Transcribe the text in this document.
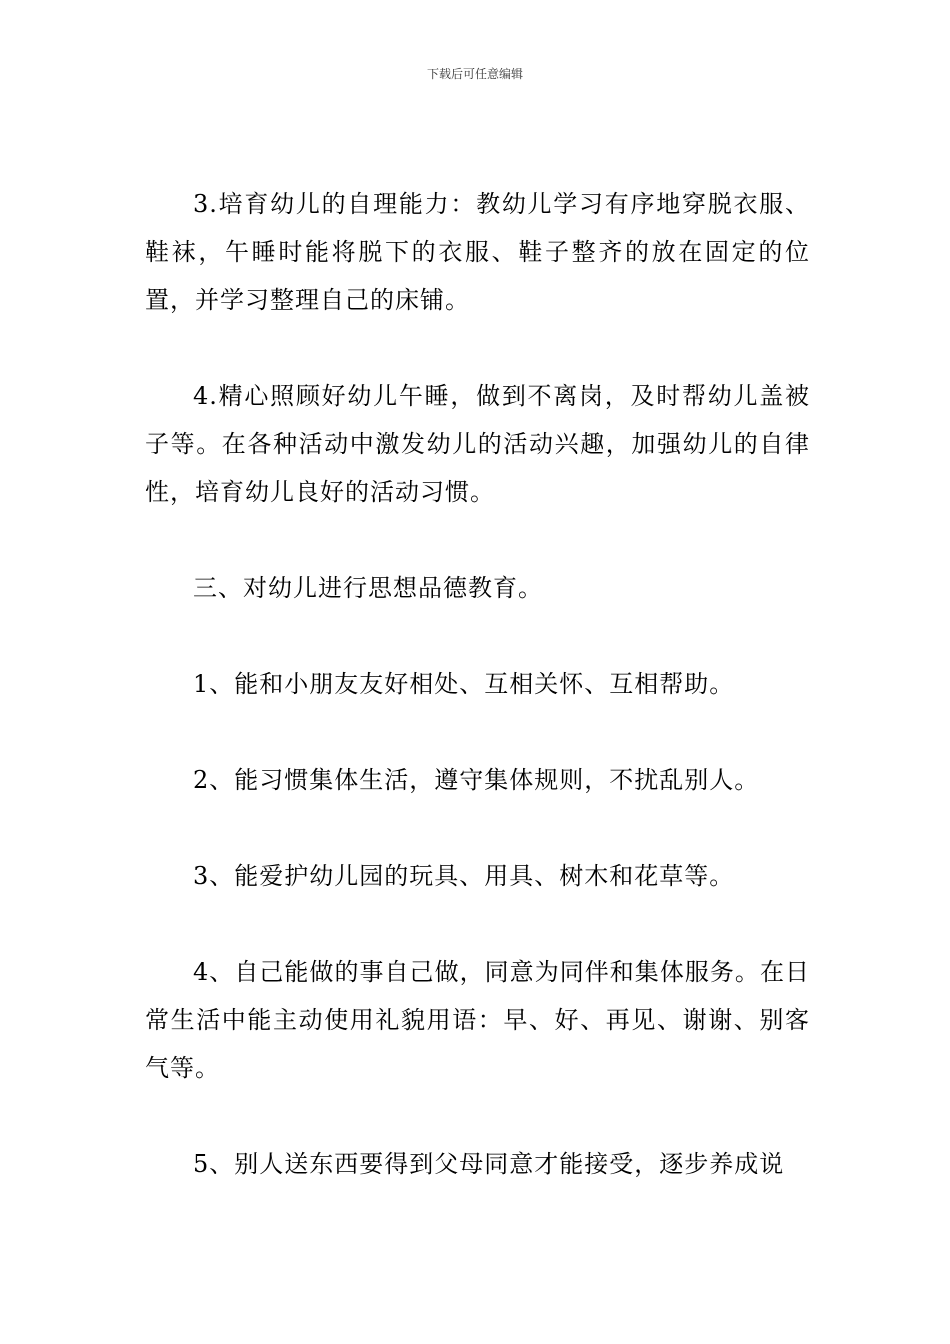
下载后可任意编辑

3.培育幼儿的自理能力：教幼儿学习有序地穿脱衣服、鞋袜，午睡时能将脱下的衣服、鞋子整齐的放在固定的位置，并学习整理自己的床铺。

4.精心照顾好幼儿午睡，做到不离岗，及时帮幼儿盖被子等。在各种活动中激发幼儿的活动兴趣，加强幼儿的自律性，培育幼儿良好的活动习惯。

三、对幼儿进行思想品德教育。

1、能和小朋友友好相处、互相关怀、互相帮助。

2、能习惯集体生活，遵守集体规则，不扰乱别人。

3、能爱护幼儿园的玩具、用具、树木和花草等。

4、自己能做的事自己做，同意为同伴和集体服务。在日常生活中能主动使用礼貌用语：早、好、再见、谢谢、别客气等。

5、别人送东西要得到父母同意才能接受，逐步养成说
